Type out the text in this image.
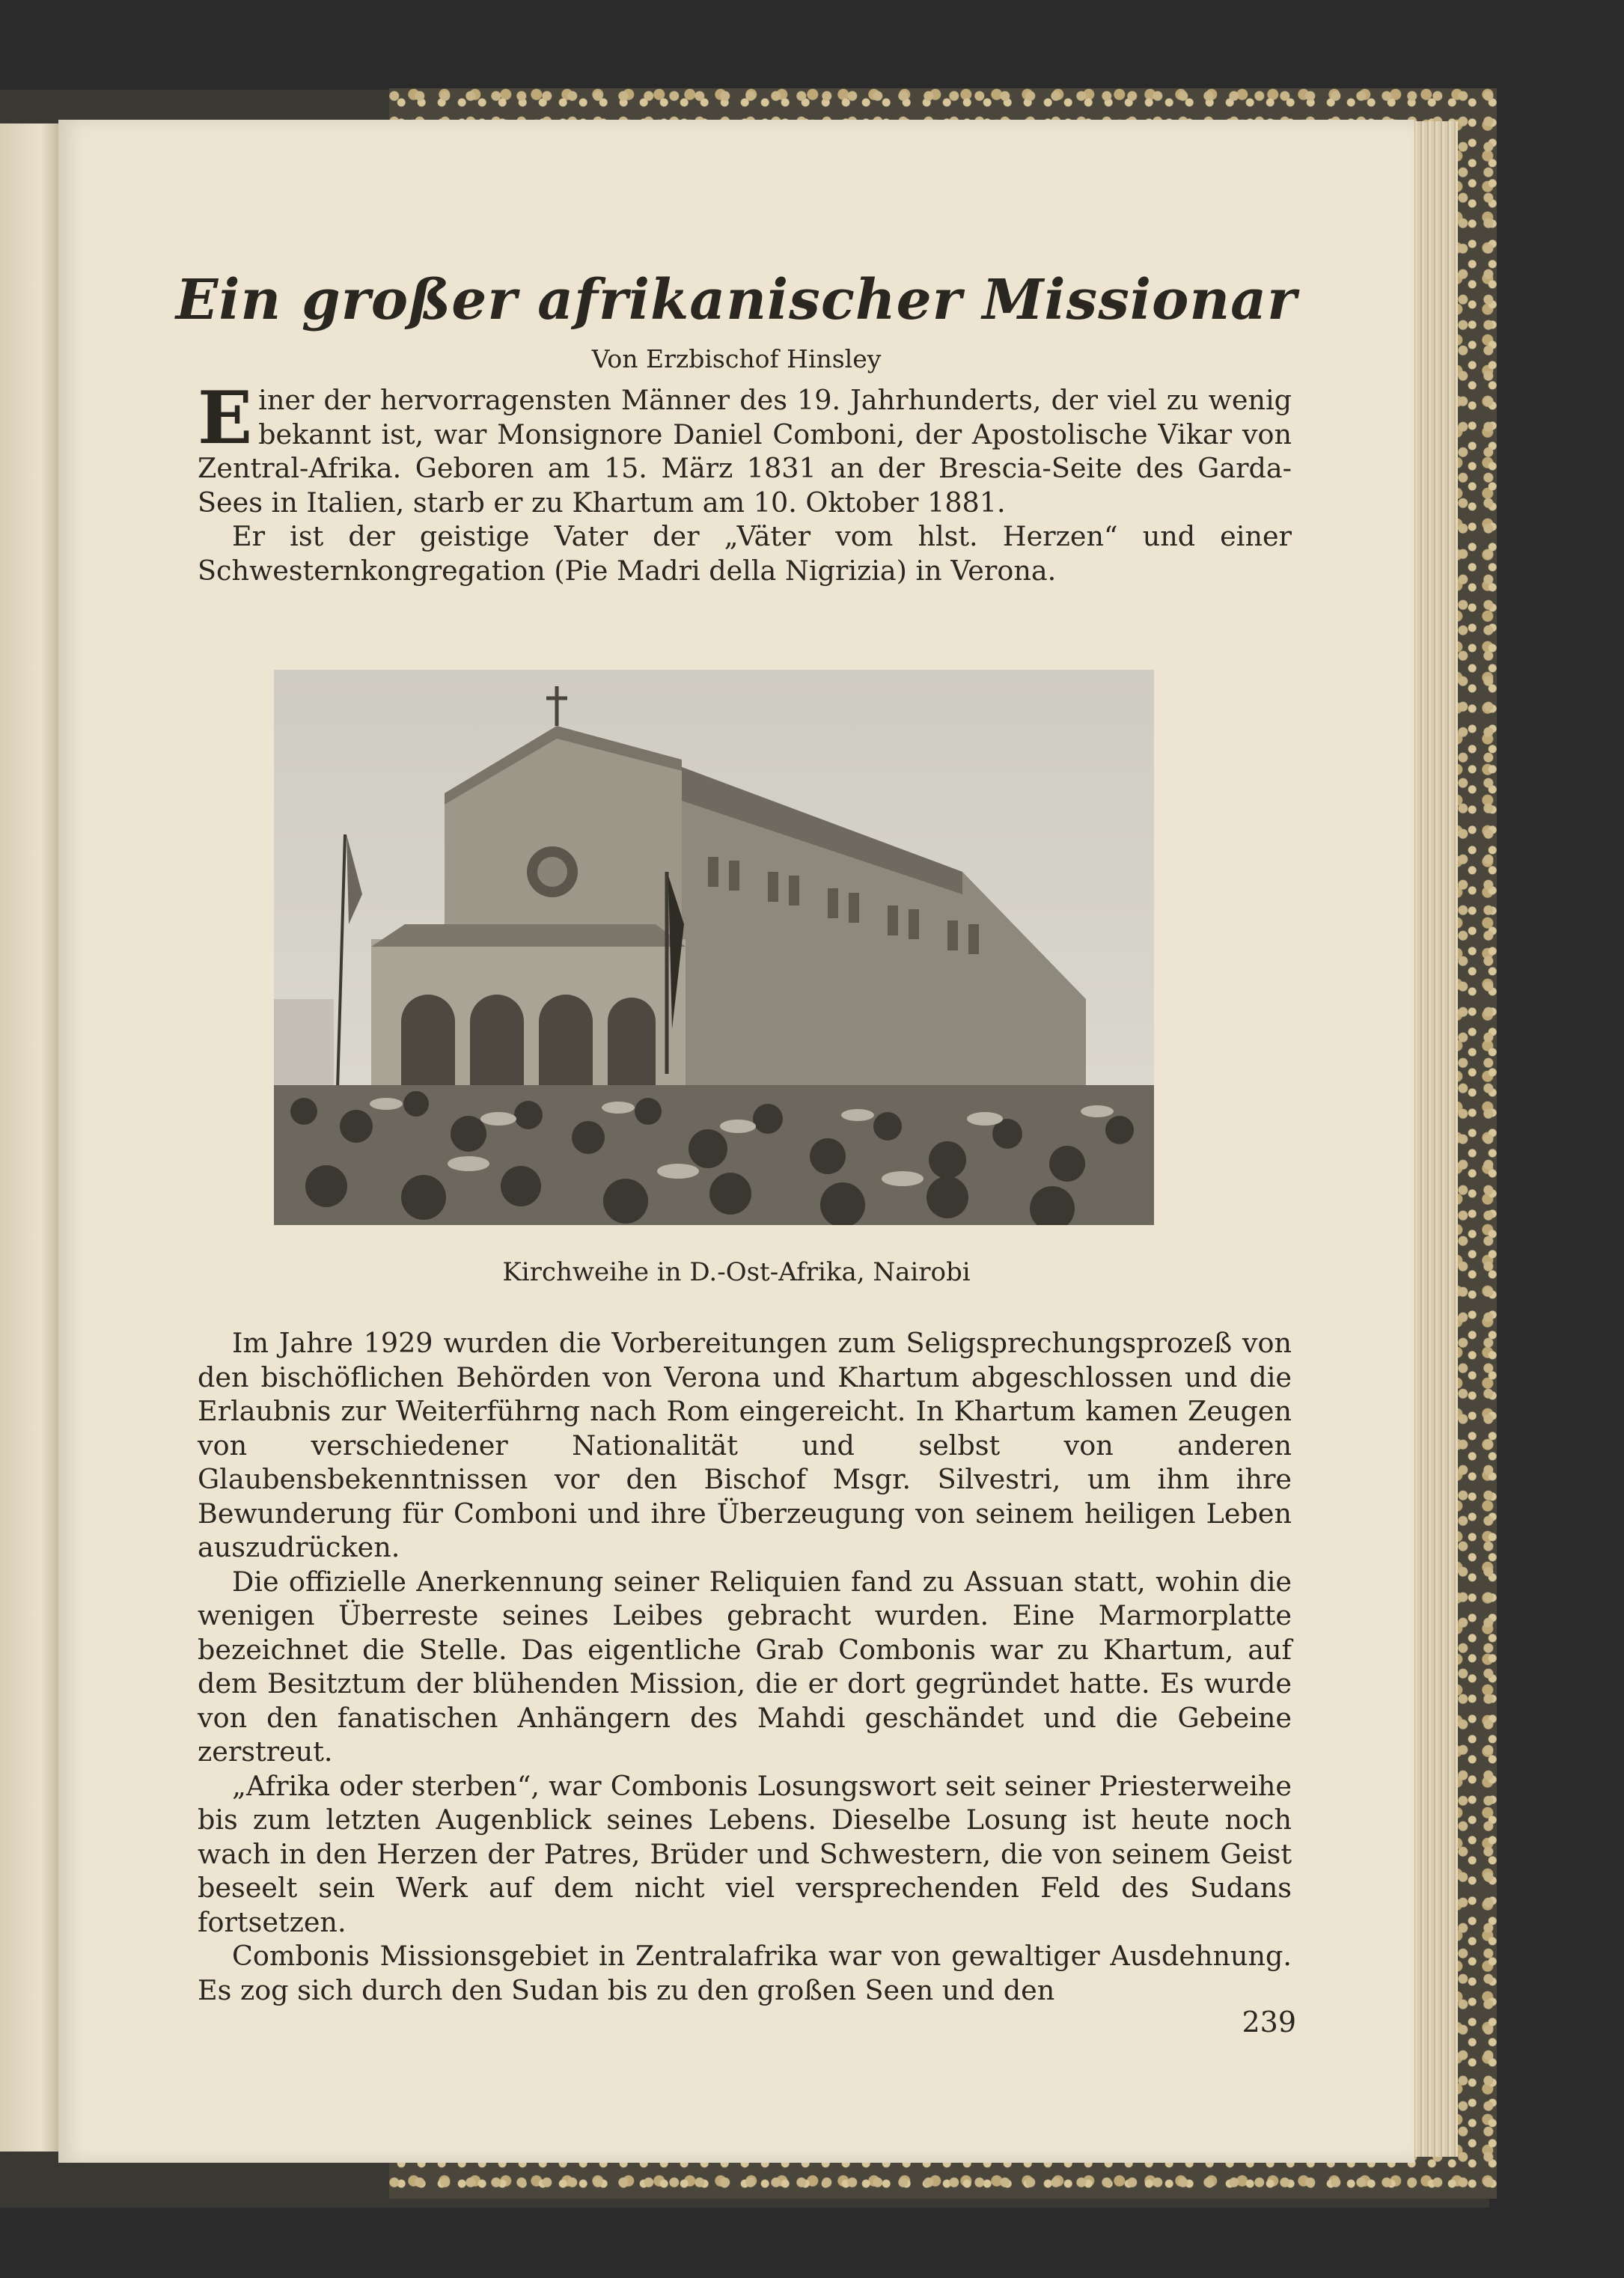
Ein großer afrikanischer Missionar

Von Erzbischof Hinsley

Einer der hervorragensten Männer des 19. Jahrhunderts, der viel zu wenig bekannt ist, war Monsignore Daniel Comboni, der Apostolische Vikar von Zentral-Afrika. Geboren am 15. März 1831 an der Brescia-Seite des Garda-Sees in Italien, starb er zu Khartum am 10. Oktober 1881.

Er ist der geistige Vater der „Väter vom hlst. Herzen“ und einer Schwesternkongregation (Pie Madri della Nigrizia) in Verona.

Kirchweihe in D.-Ost-Afrika, Nairobi

Im Jahre 1929 wurden die Vorbereitungen zum Seligsprechungsprozeß von den bischöflichen Behörden von Verona und Khartum abgeschlossen und die Erlaubnis zur Weiterführng nach Rom eingereicht. In Khartum kamen Zeugen von verschiedener Nationalität und selbst von anderen Glaubensbekenntnissen vor den Bischof Msgr. Silvestri, um ihm ihre Bewunderung für Comboni und ihre Überzeugung von seinem heiligen Leben auszudrücken.

Die offizielle Anerkennung seiner Reliquien fand zu Assuan statt, wohin die wenigen Überreste seines Leibes gebracht wurden. Eine Marmorplatte bezeichnet die Stelle. Das eigentliche Grab Combonis war zu Khartum, auf dem Besitztum der blühenden Mission, die er dort gegründet hatte. Es wurde von den fanatischen Anhängern des Mahdi geschändet und die Gebeine zerstreut.

„Afrika oder sterben“, war Combonis Losungswort seit seiner Priesterweihe bis zum letzten Augenblick seines Lebens. Dieselbe Losung ist heute noch wach in den Herzen der Patres, Brüder und Schwestern, die von seinem Geist beseelt sein Werk auf dem nicht viel versprechenden Feld des Sudans fortsetzen.

Combonis Missionsgebiet in Zentralafrika war von gewaltiger Ausdehnung. Es zog sich durch den Sudan bis zu den großen Seen und den

239
